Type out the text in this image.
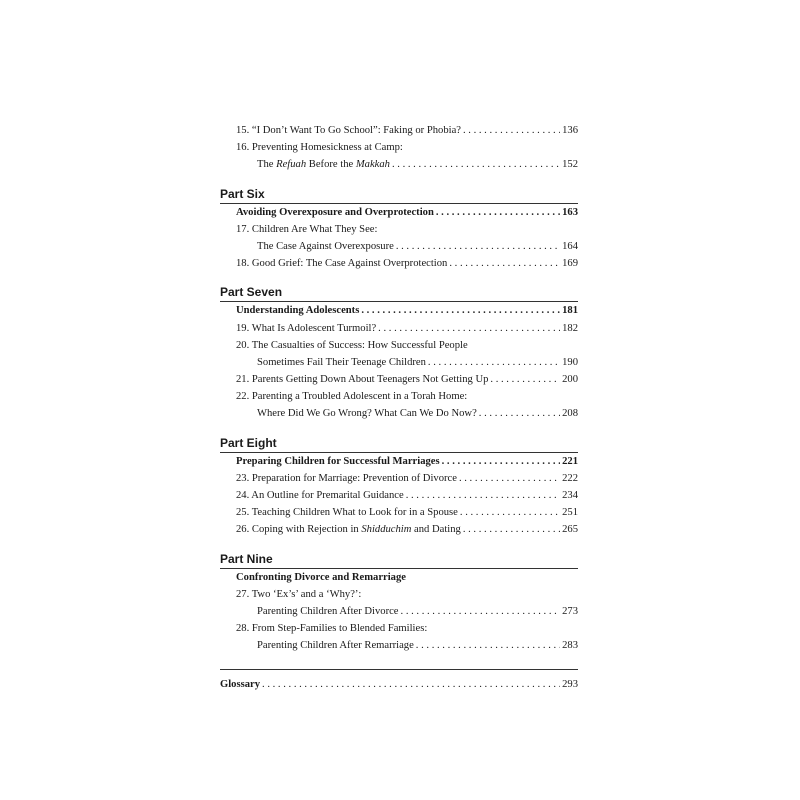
15. “I Don’t Want To Go School”: Faking or Phobia? . . .	136
16. Preventing Homesickness at Camp:
The Refuah Before the Makkah . . .	152
Part Six
Avoiding Overexposure and Overprotection . . .	163
17. Children Are What They See:
The Case Against Overexposure . . .	164
18. Good Grief: The Case Against Overprotection . . .	169
Part Seven
Understanding Adolescents . . .	181
19. What Is Adolescent Turmoil? . . .	182
20. The Casualties of Success: How Successful People
Sometimes Fail Their Teenage Children . . .	190
21. Parents Getting Down About Teenagers Not Getting Up . . .	200
22. Parenting a Troubled Adolescent in a Torah Home:
Where Did We Go Wrong? What Can We Do Now? . . .	208
Part Eight
Preparing Children for Successful Marriages . . .	221
23. Preparation for Marriage: Prevention of Divorce . . .	222
24. An Outline for Premarital Guidance . . .	234
25. Teaching Children What to Look for in a Spouse . . .	251
26. Coping with Rejection in Shidduchim and Dating . . .	265
Part Nine
Confronting Divorce and Remarriage
27. Two ‘Ex’s’ and a ‘Why?’:
Parenting Children After Divorce . . .	273
28. From Step-Families to Blended Families:
Parenting Children After Remarriage . . .	283
Glossary . . .	293
